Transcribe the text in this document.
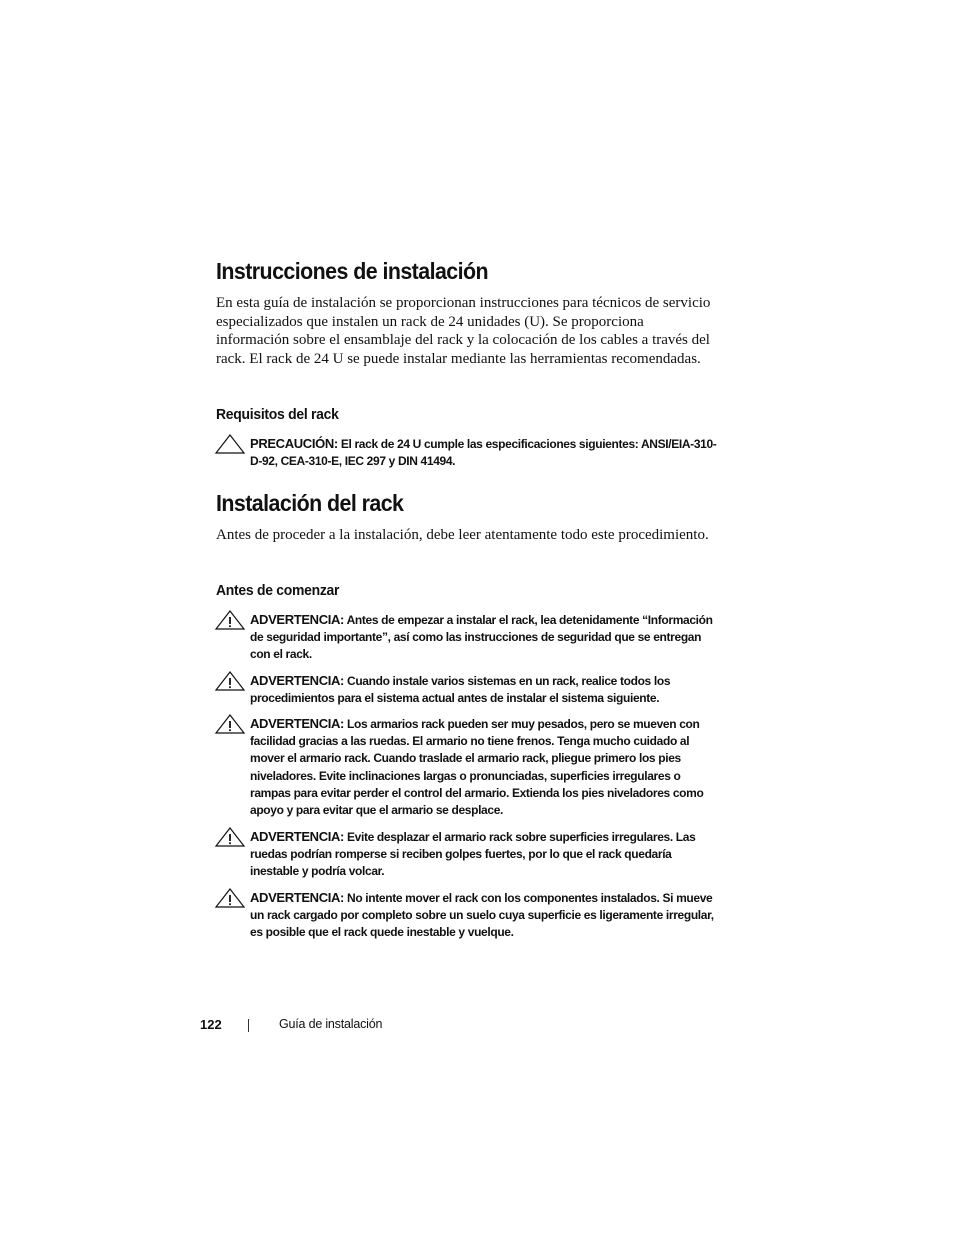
Instrucciones de instalación

En esta guía de instalación se proporcionan instrucciones para técnicos de servicio especializados que instalen un rack de 24 unidades (U). Se proporciona información sobre el ensamblaje del rack y la colocación de los cables a través del rack. El rack de 24 U se puede instalar mediante las herramientas recomendadas.

Requisitos del rack

PRECAUCIÓN: El rack de 24 U cumple las especificaciones siguientes: ANSI/EIA-310-D-92, CEA-310-E, IEC 297 y DIN 41494.

Instalación del rack

Antes de proceder a la instalación, debe leer atentamente todo este procedimiento.

Antes de comenzar

ADVERTENCIA: Antes de empezar a instalar el rack, lea detenidamente “Información de seguridad importante”, así como las instrucciones de seguridad que se entregan con el rack.

ADVERTENCIA: Cuando instale varios sistemas en un rack, realice todos los procedimientos para el sistema actual antes de instalar el sistema siguiente.

ADVERTENCIA: Los armarios rack pueden ser muy pesados, pero se mueven con facilidad gracias a las ruedas. El armario no tiene frenos. Tenga mucho cuidado al mover el armario rack. Cuando traslade el armario rack, pliegue primero los pies niveladores. Evite inclinaciones largas o pronunciadas, superficies irregulares o rampas para evitar perder el control del armario. Extienda los pies niveladores como apoyo y para evitar que el armario se desplace.

ADVERTENCIA: Evite desplazar el armario rack sobre superficies irregulares. Las ruedas podrían romperse si reciben golpes fuertes, por lo que el rack quedaría inestable y podría volcar.

ADVERTENCIA: No intente mover el rack con los componentes instalados. Si mueve un rack cargado por completo sobre un suelo cuya superficie es ligeramente irregular, es posible que el rack quede inestable y vuelque.

122	Guía de instalación
